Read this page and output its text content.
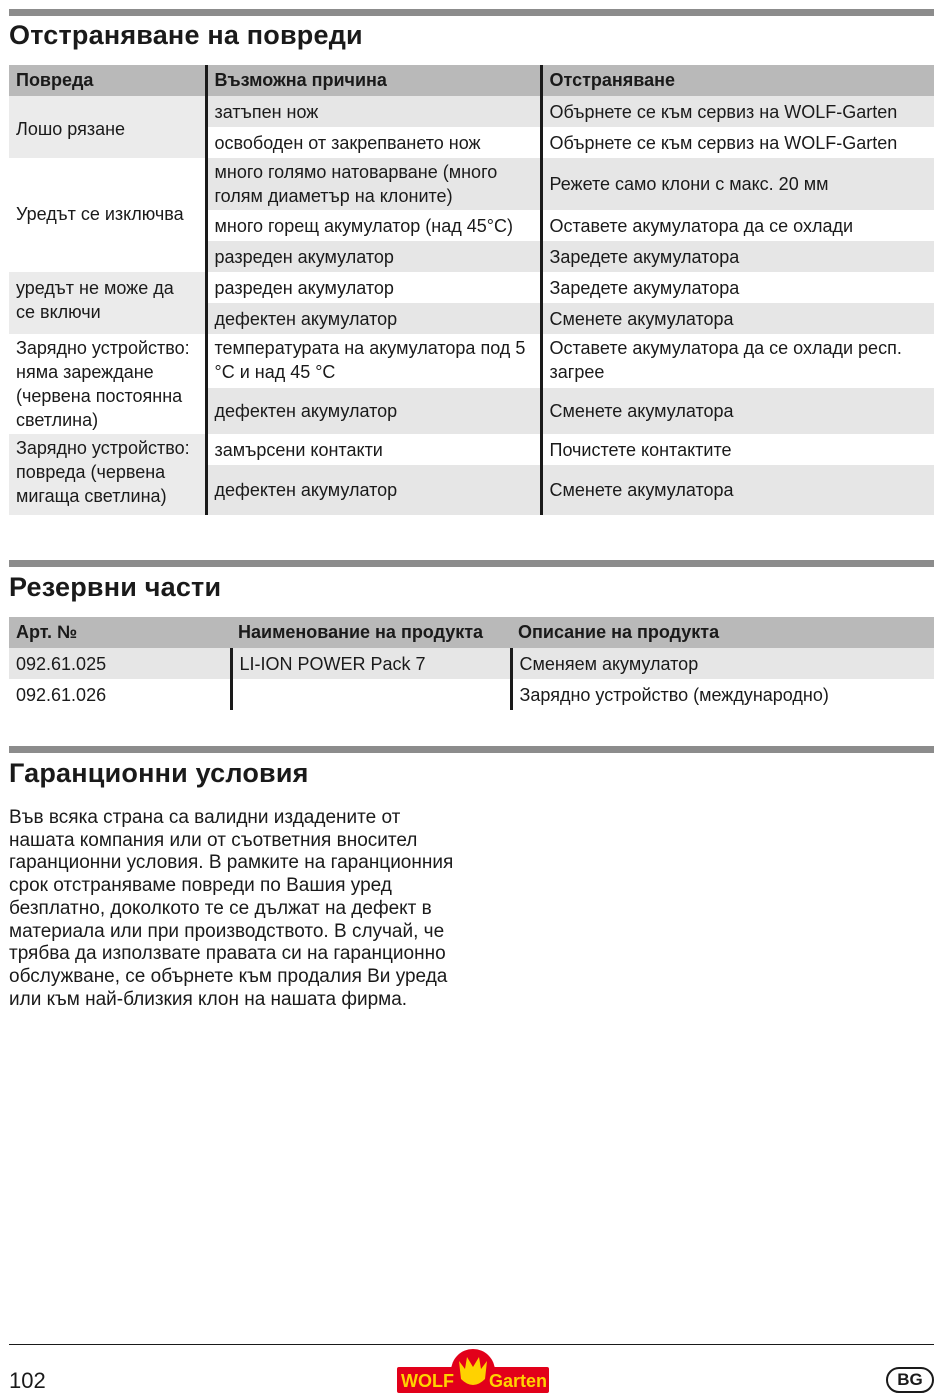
Отстраняване на повреди
Повреда	Възможна причина	Отстраняване
Лошо рязане	затъпен нож	Обърнете се към сервиз на WOLF-Garten
	освободен от закрепването нож	Обърнете се към сервиз на WOLF-Garten
Уредът се изключва	много голямо натоварване (много голям диаметър на клоните)	Режете само клони с макс. 20 мм
	много горещ акумулатор (над 45°C)	Оставете акумулатора да се охлади
	разреден акумулатор	Заредете акумулатора
уредът не може да се включи	разреден акумулатор	Заредете акумулатора
	дефектен акумулатор	Сменете акумулатора
Зарядно устройство: няма зареждане (червена постоянна светлина)	температурата на акумулатора под 5 °C и над 45 °C	Оставете акумулатора да се охлади респ. загрее
	дефектен акумулатор	Сменете акумулатора
Зарядно устройство: повреда (червена мигаща светлина)	замърсени контакти	Почистете контактите
	дефектен акумулатор	Сменете акумулатора
Резервни части
Арт. №	Наименование на продукта	Описание на продукта
092.61.025	LI-ION POWER Pack 7	Сменяем акумулатор
092.61.026		Зарядно устройство (международно)
Гаранционни условия
Във всяка страна са валидни издадените от нашата компания или от съответния вносител гаранционни условия. В рамките на гаранционния срок отстраняваме повреди по Вашия уред безплатно, доколкото те се дължат на дефект в материала или при производството. В случай, че трябва да използвате правата си на гаранционно обслужване, се обърнете към продалия Ви уреда или към най-близкия клон на нашата фирма.
102	WOLF Garten	BG
